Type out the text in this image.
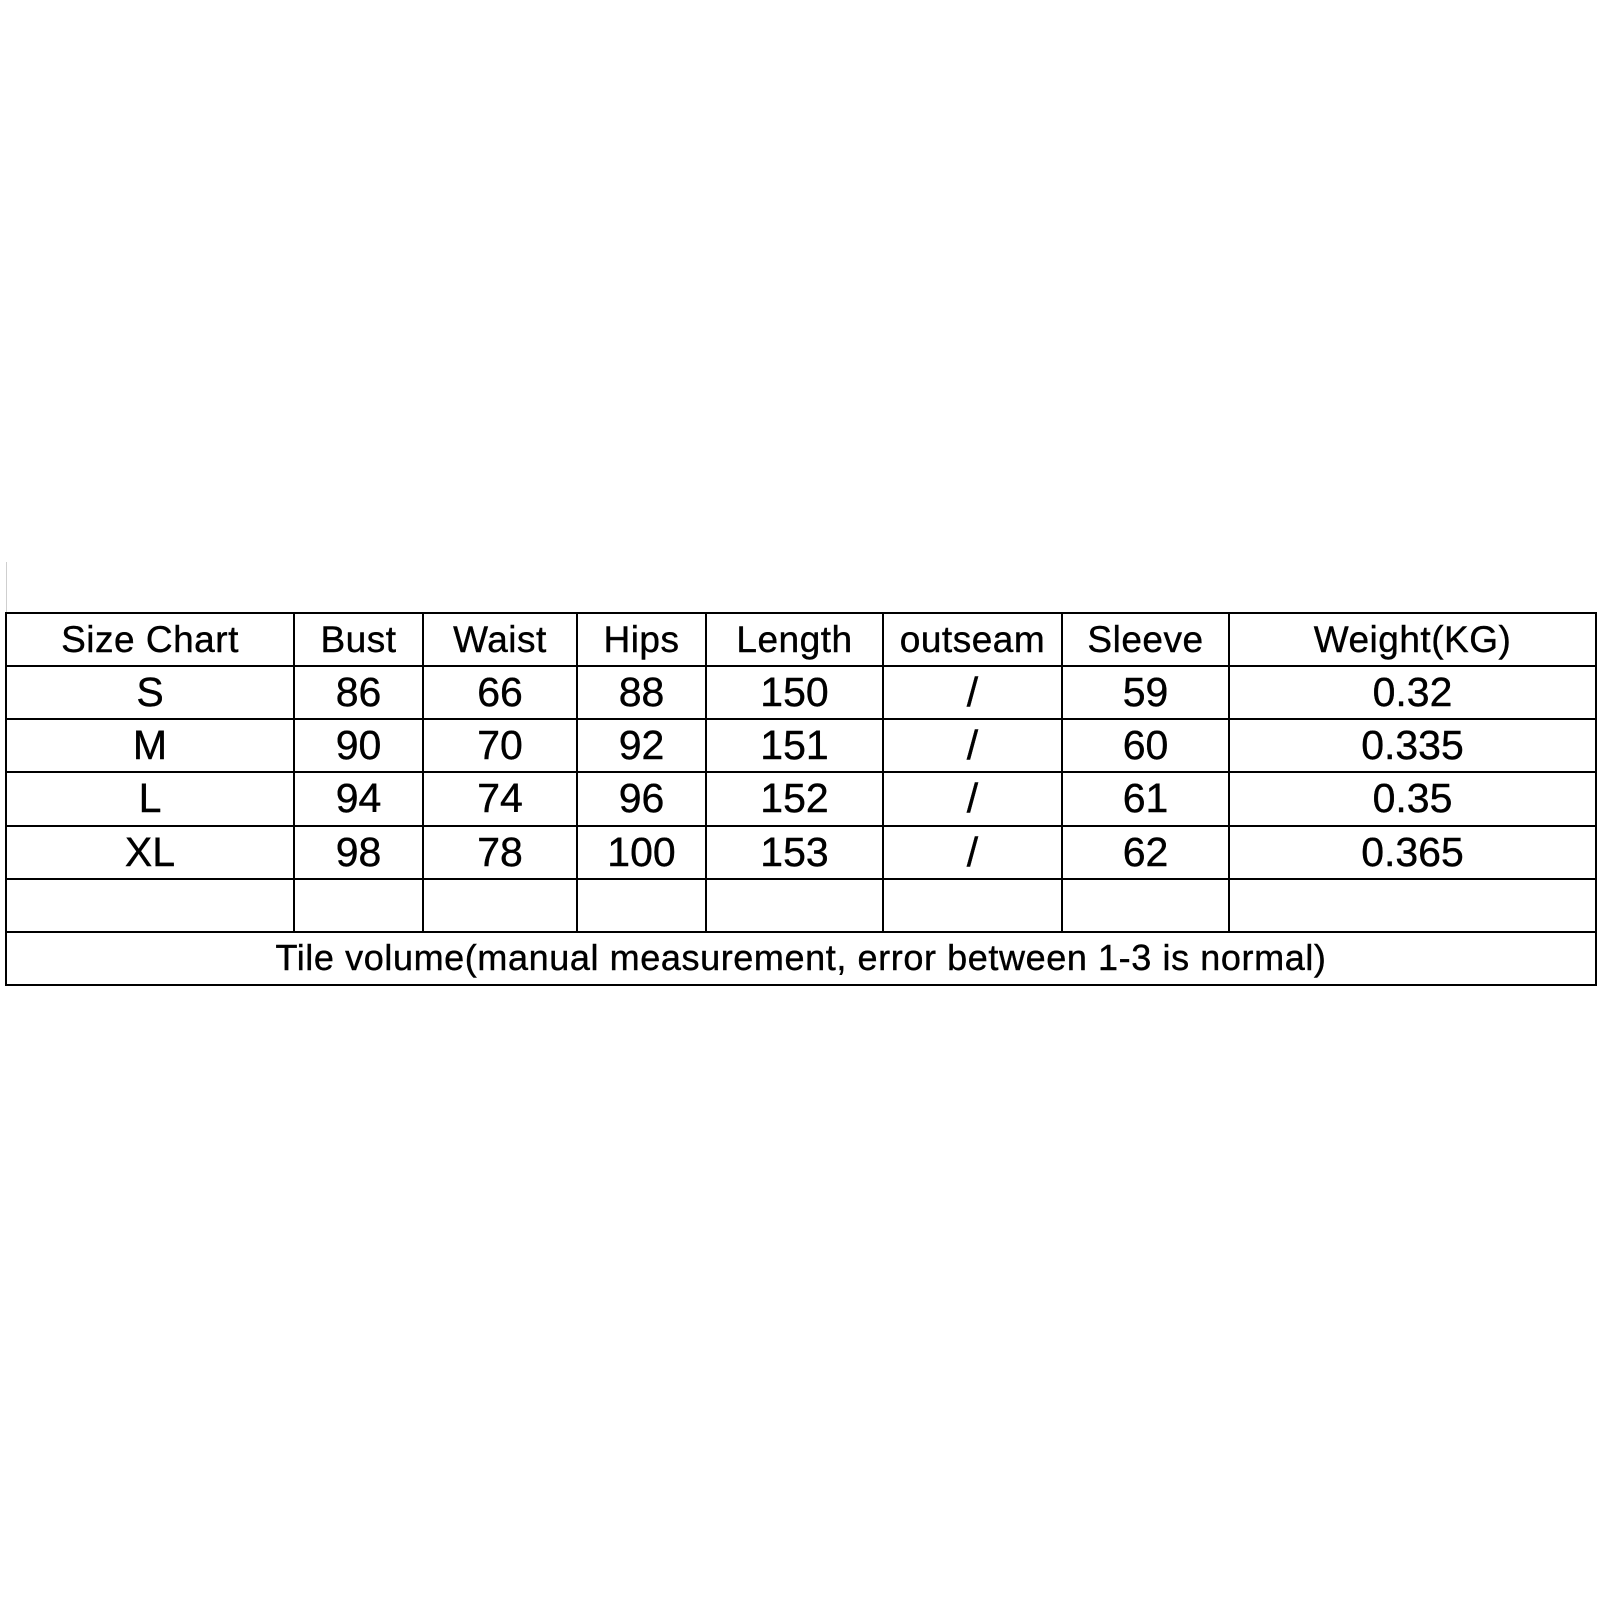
Size Chart	Bust	Waist	Hips	Length	outseam	Sleeve	Weight(KG)
S	86	66	88	150	/	59	0.32
M	90	70	92	151	/	60	0.335
L	94	74	96	152	/	61	0.35
XL	98	78	100	153	/	62	0.365

Tile volume(manual measurement, error between 1-3 is normal)							
